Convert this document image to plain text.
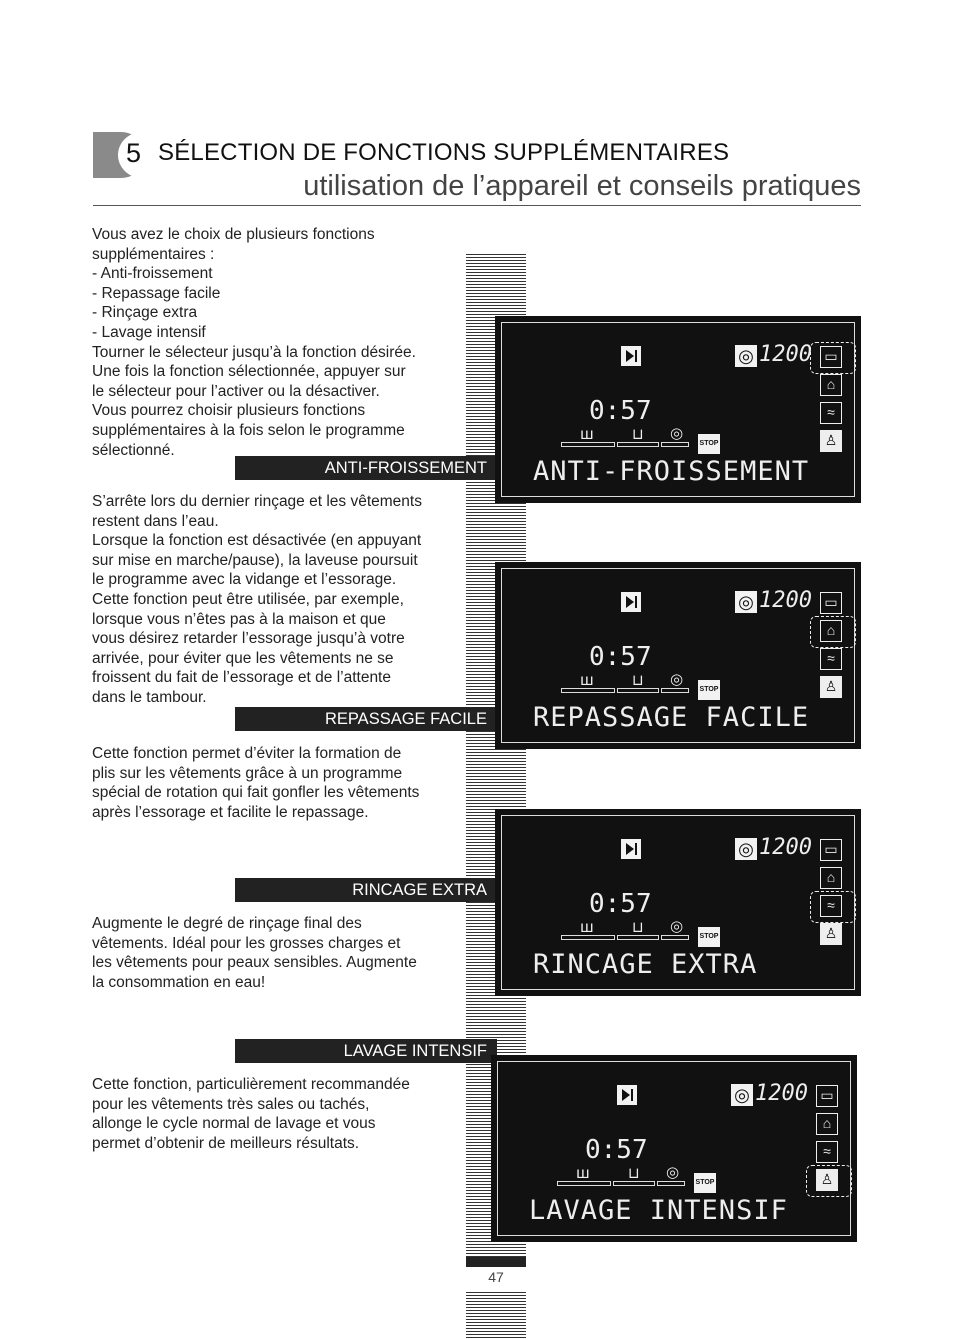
5 SÉLECTION DE FONCTIONS SUPPLÉMENTAIRES
utilisation de l’appareil et conseils pratiques
47
Vous avez le choix de plusieurs fonctions
supplémentaires :
- Anti-froissement
- Repassage facile
- Rinçage extra
- Lavage intensif
Tourner le sélecteur jusqu’à la fonction désirée.
Une fois la fonction sélectionnée, appuyer sur
le sélecteur pour l’activer ou la désactiver.
Vous pourrez choisir plusieurs fonctions
supplémentaires à la fois selon le programme
sélectionné.
ANTI-FROISSEMENT
REPASSAGE FACILE
RINCAGE EXTRA
LAVAGE INTENSIF
S’arrête lors du dernier rinçage et les vêtements
restent dans l’eau.
Lorsque la fonction est désactivée (en appuyant
sur mise en marche/pause), la laveuse poursuit
le programme avec la vidange et l’essorage.
Cette fonction peut être utilisée, par exemple,
lorsque vous n’êtes pas à la maison et que
vous désirez retarder l’essorage jusqu’à votre
arrivée, pour éviter que les vêtements ne se
froissent du fait de l’essorage et de l’attente
dans le tambour.
Cette fonction permet d’éviter la formation de
plis sur les vêtements grâce à un programme
spécial de rotation qui fait gonfler les vêtements
après l’essorage et facilite le repassage.
Augmente le degré de rinçage final des
vêtements. Idéal pour les grosses charges et
les vêtements pour peaux sensibles. Augmente
la consommation en eau!
Cette fonction, particulièrement recommandée
pour les vêtements très sales ou tachés,
allonge le cycle normal de lavage et vous
permet d’obtenir de meilleurs résultats.
◎ 1200
0:57
ш	⊔ ◎
STOP
ANTI-FROISSEMENT
▭
⌂
≈
♙
◎ 1200
0:57
ш	⊔ ◎
STOP
REPASSAGE FACILE
▭
⌂
≈
♙
◎ 1200
0:57
ш	⊔ ◎
STOP
RINCAGE EXTRA
▭
⌂
≈
♙
◎ 1200
0:57
ш	⊔ ◎
STOP
LAVAGE INTENSIF
▭
⌂
≈
♙
